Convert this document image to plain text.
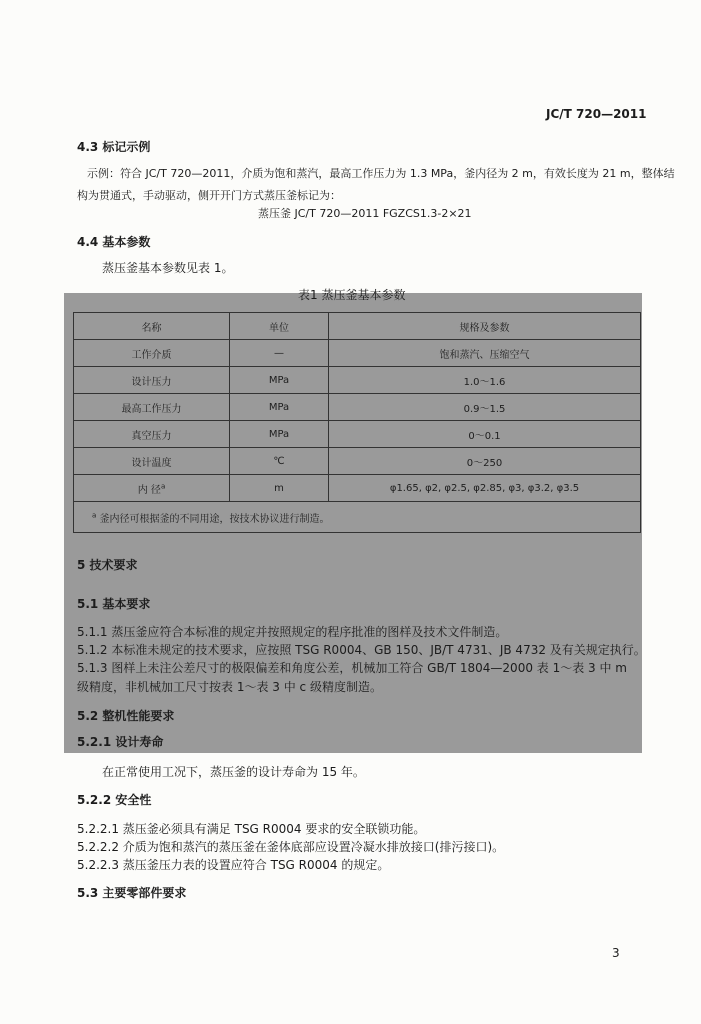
JC/T 720—2011
4.3 标记示例
示例：符合 JC/T 720—2011，介质为饱和蒸汽，最高工作压力为 1.3 MPa，釜内径为 2 m，有效长度为 21 m，整体结
构为贯通式，手动驱动，侧开开门方式蒸压釜标记为：
蒸压釜 JC/T 720—2011 FGZCS1.3-2×21
4.4 基本参数
蒸压釜基本参数见表 1。
表1 蒸压釜基本参数
名称	单位	规格及参数
工作介质	—	饱和蒸汽、压缩空气
设计压力	MPa	1.0～1.6
最高工作压力	MPa	0.9～1.5
真空压力	MPa	0～0.1
设计温度	℃	0～250
内 径$^a$	m	φ1.65, φ2, φ2.5, φ2.85, φ3, φ3.2, φ3.5
$^a$ 釜内径可根据釜的不同用途，按技术协议进行制造。		
5 技术要求
5.1 基本要求
5.1.1 蒸压釜应符合本标准的规定并按照规定的程序批准的图样及技术文件制造。
5.1.2 本标准未规定的技术要求，应按照 TSG R0004、GB 150、JB/T 4731、JB 4732 及有关规定执行。
5.1.3 图样上未注公差尺寸的极限偏差和角度公差，机械加工符合 GB/T 1804—2000 表 1～表 3 中 m
级精度，非机械加工尺寸按表 1～表 3 中 c 级精度制造。
5.2 整机性能要求
5.2.1 设计寿命
在正常使用工况下，蒸压釜的设计寿命为 15 年。
5.2.2 安全性
5.2.2.1 蒸压釜必须具有满足 TSG R0004 要求的安全联锁功能。
5.2.2.2 介质为饱和蒸汽的蒸压釜在釜体底部应设置冷凝水排放接口(排污接口)。
5.2.2.3 蒸压釜压力表的设置应符合 TSG R0004 的规定。
5.3 主要零部件要求
3
